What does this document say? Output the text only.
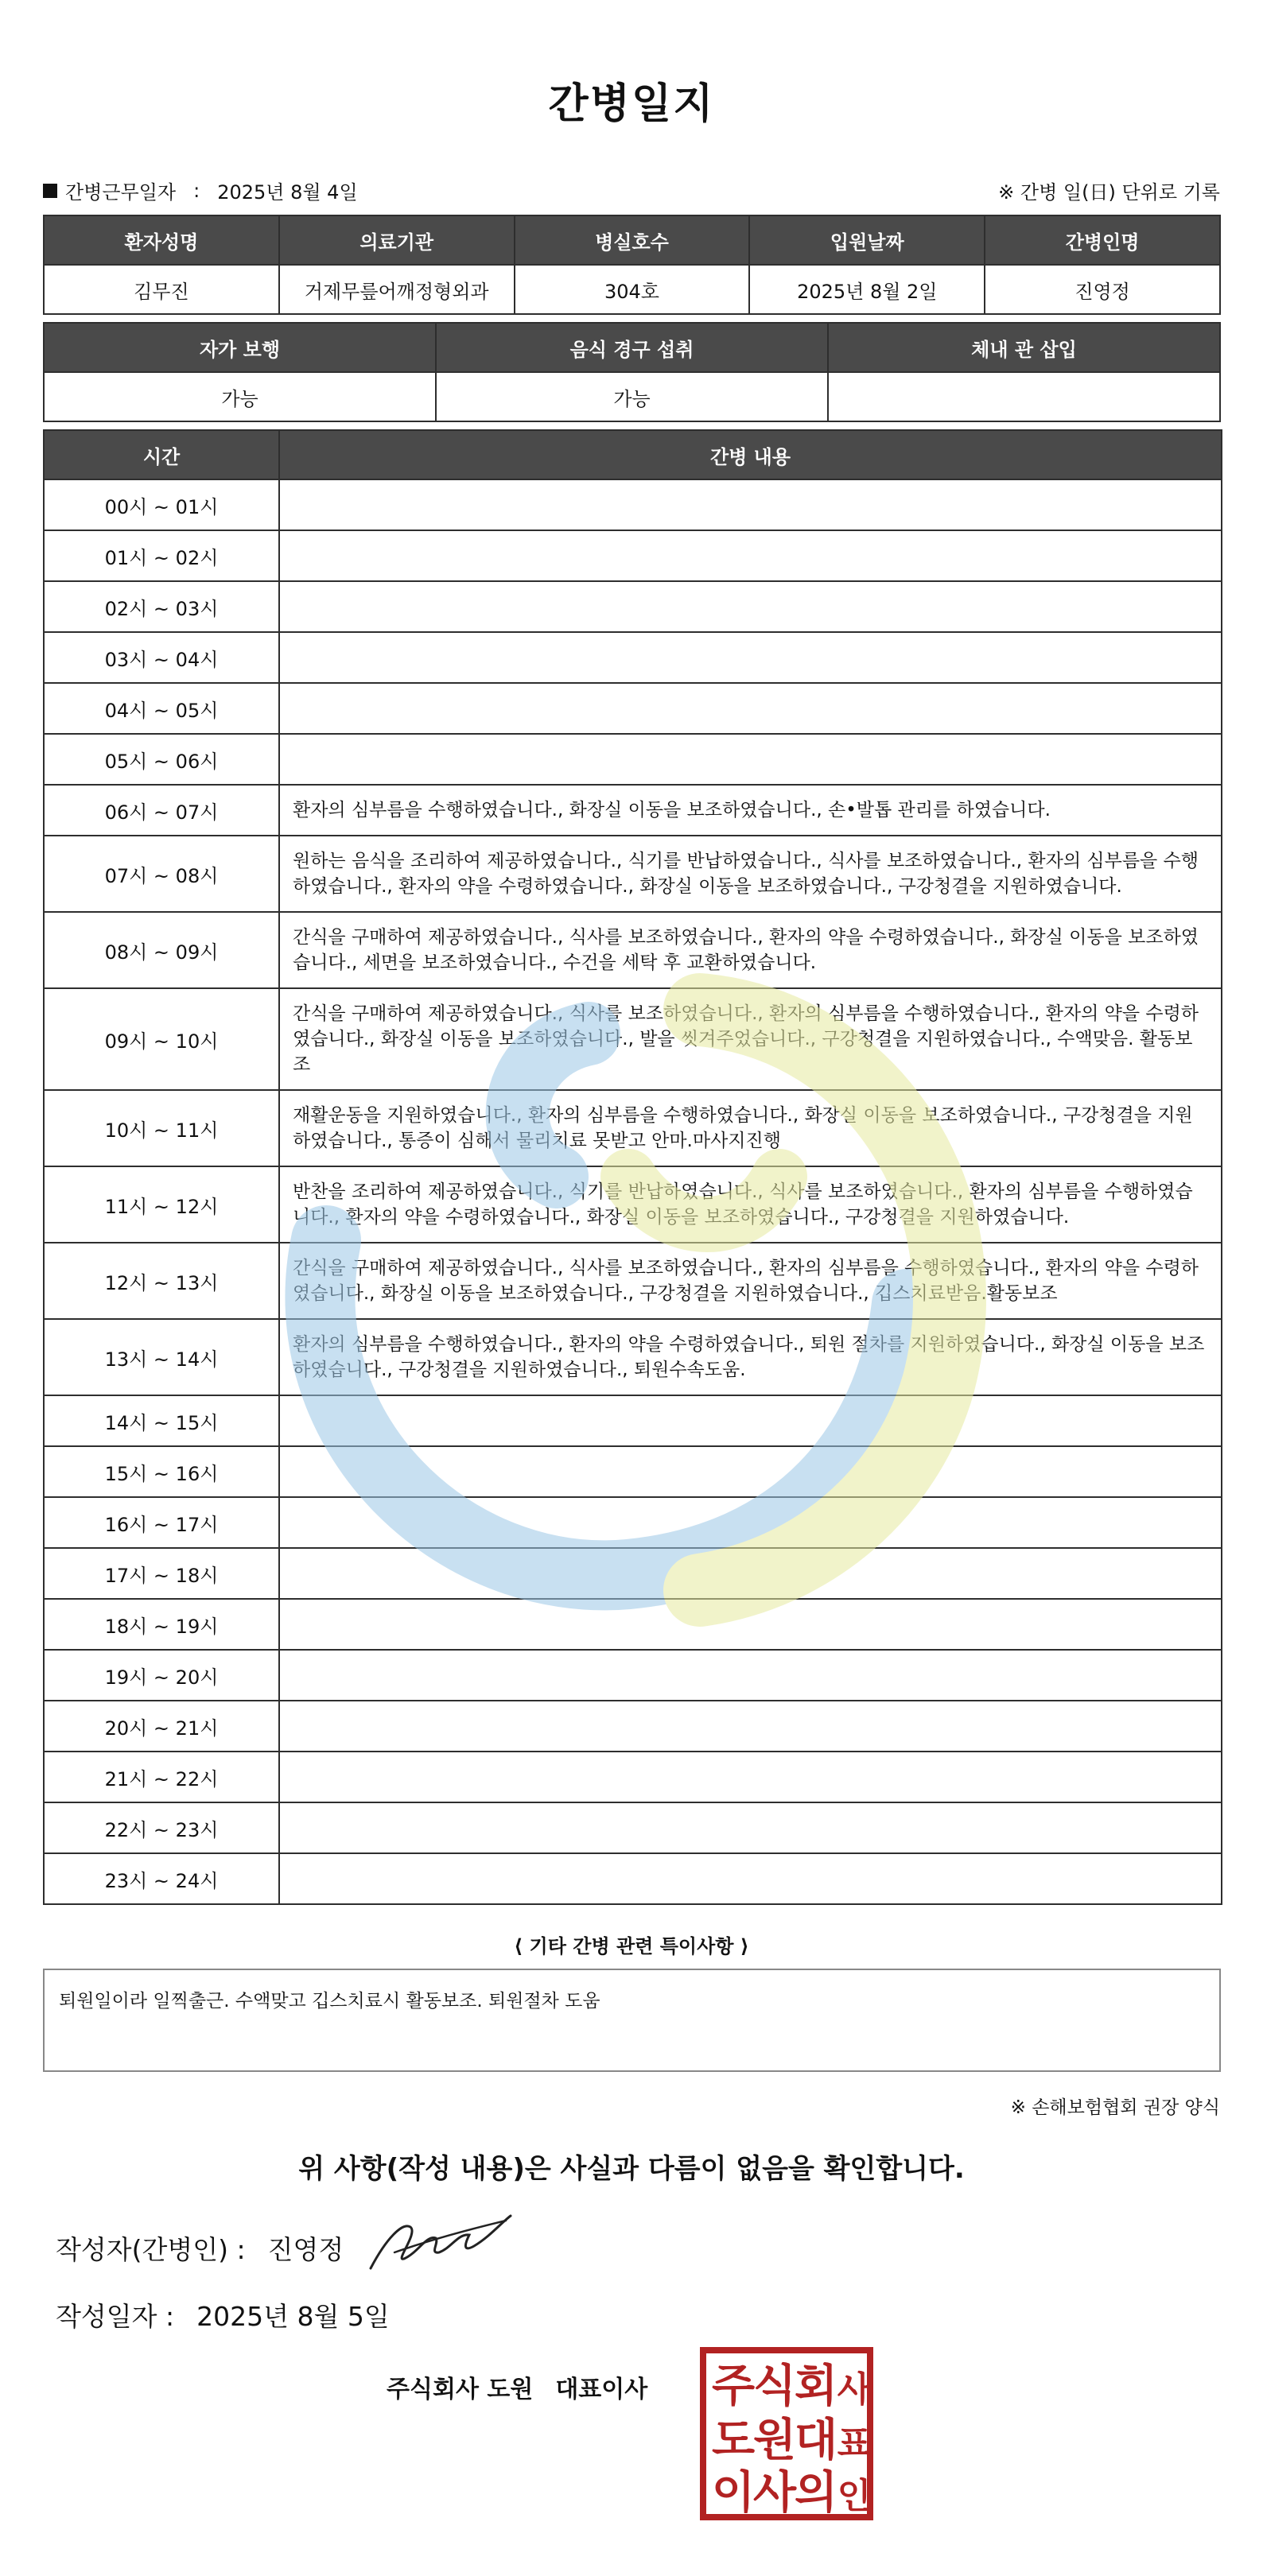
간병일지
간병근무일자 : 2025년 8월 4일	※ 간병 일(日) 단위로 기록
환자성명	의료기관	병실호수	입원날짜	간병인명
김무진	거제무릎어깨정형외과	304호	2025년 8월 2일	진영정
자가 보행	음식 경구 섭취	체내 관 삽입
가능	가능	
시간	간병 내용
00시 ~ 01시	
01시 ~ 02시	
02시 ~ 03시	
03시 ~ 04시	
04시 ~ 05시	
05시 ~ 06시	
06시 ~ 07시	환자의 심부름을 수행하였습니다., 화장실 이동을 보조하였습니다., 손•발톱 관리를 하였습니다.
07시 ~ 08시	원하는 음식을 조리하여 제공하였습니다., 식기를 반납하였습니다., 식사를 보조하였습니다., 환자의 심부름을 수행하였습니다., 환자의 약을 수령하였습니다., 화장실 이동을 보조하였습니다., 구강청결을 지원하였습니다.
08시 ~ 09시	간식을 구매하여 제공하였습니다., 식사를 보조하였습니다., 환자의 약을 수령하였습니다., 화장실 이동을 보조하였습니다., 세면을 보조하였습니다., 수건을 세탁 후 교환하였습니다.
09시 ~ 10시	간식을 구매하여 제공하였습니다., 식사를 보조하였습니다., 환자의 심부름을 수행하였습니다., 환자의 약을 수령하였습니다., 화장실 이동을 보조하였습니다., 발을 씻겨주었습니다., 구강청결을 지원하였습니다., 수액맞음. 활동보조
10시 ~ 11시	재활운동을 지원하였습니다., 환자의 심부름을 수행하였습니다., 화장실 이동을 보조하였습니다., 구강청결을 지원하였습니다., 통증이 심해서 물리치료 못받고 안마.마사지진행
11시 ~ 12시	반찬을 조리하여 제공하였습니다., 식기를 반납하였습니다., 식사를 보조하였습니다., 환자의 심부름을 수행하였습니다., 환자의 약을 수령하였습니다., 화장실 이동을 보조하였습니다., 구강청결을 지원하였습니다.
12시 ~ 13시	간식을 구매하여 제공하였습니다., 식사를 보조하였습니다., 환자의 심부름을 수행하였습니다., 환자의 약을 수령하였습니다., 화장실 이동을 보조하였습니다., 구강청결을 지원하였습니다., 깁스치료받음.활동보조
13시 ~ 14시	환자의 심부름을 수행하였습니다., 환자의 약을 수령하였습니다., 퇴원 절차를 지원하였습니다., 화장실 이동을 보조하였습니다., 구강청결을 지원하였습니다., 퇴원수속도움.
14시 ~ 15시	
15시 ~ 16시	
16시 ~ 17시	
17시 ~ 18시	
18시 ~ 19시	
19시 ~ 20시	
20시 ~ 21시	
21시 ~ 22시	
22시 ~ 23시	
23시 ~ 24시	
⟨ 기타 간병 관련 특이사항 ⟩
퇴원일이라 일찍출근. 수액맞고 깁스치료시 활동보조. 퇴원절차 도움
※ 손해보험협회 권장 양식
위 사항(작성 내용)은 사실과 다름이 없음을 확인합니다.
작성자(간병인) : 진영정
작성일자 : 2025년 8월 5일
주식회사 도원 대표이사 주
식
회 사
도
원
대 표
이
사
의 인
